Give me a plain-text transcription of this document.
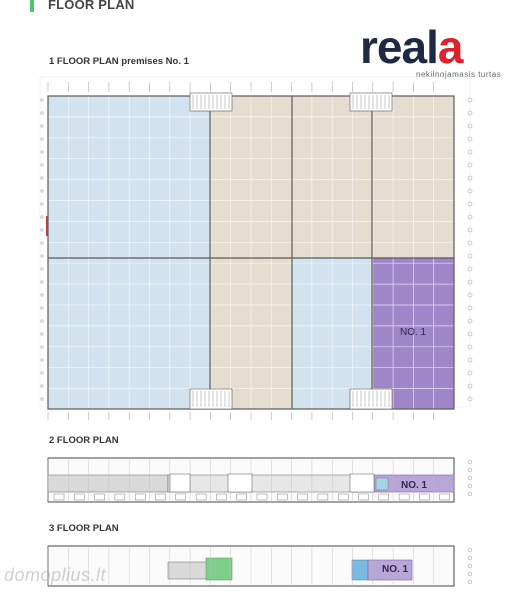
FLOOR PLAN
reala
nekilnojamasis turtas
1 FLOOR PLAN premises No. 1
2 FLOOR PLAN
3 FLOOR PLAN
NO. 1
NO. 1
NO. 1
domoplius.lt
